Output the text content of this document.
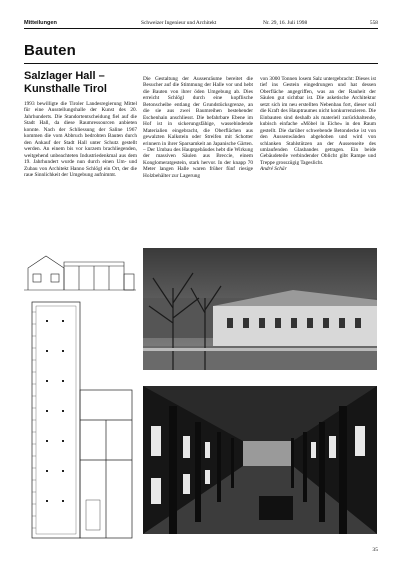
Mitteilungen	Schweizer Ingenieur und Architekt	Nr. 29, 16. Juli 1998	558
Bauten
Salzlager Hall – Kunsthalle Tirol
1993 bewilligte die Tiroler Landesregierung Mittel für eine Ausstellungshalle der Kunst des 20. Jahrhunderts. Die Standortentscheidung fiel auf die Stadt Hall, da diese Raumressourcen anbieten konnte. Nach der Schliessung der Saline 1967 kommen die vom Abbruch bedrohten Bauten durch den Ankauf der Stadt Hall unter Schutz gestellt werden. An einem bis vor kurzem brachliegenden, weitgehend unbeachteten Industriedenkmal aus dem 19. Jahrhundert wurde nun durch einen Um- und Zubau von Architekt Hanno Schlögl ein Ort, der die raue Sinnlichkeit der Umgebung aufnimmt.
Die Gestaltung der Aussenräume bereitet die Besucher auf die Stimmung der Halle vor und hebt die Bauten von ihrer öden Umgebung ab. Dies erreicht Schlögl durch eine kopflische Betonscheibe entlang der Grundstücksgrenze, an die sie aus zwei Baumreihen bestehender Eschenhain anschliesst. Die befahrbare Ebene im Hof ist in sickerungsfähige, wassebindende Materialien eingebracht, die Oberflächen aus gewalzten Kalkstein oder Streifen mit Schotter erinnern in ihrer Sparsamkeit an Japanische Gärten. – Der Umbau des Hauptgebäudes hebt die Wirkung der massiven Säulen aus Breccie, einem Konglomeratgestein, stark hervor. In der knapp 70 Meter langen Halle waren früher fünf riesige Holzbehälter zur Lagerung
von 3000 Tonnen losem Salz untergebracht: Dieses ist tief ins Gestein eingedrungen und hat dessen Oberfläche angegriffen, was an der Rauheit der Säulen gut sichtbar ist. Die asketische Architektur setzt sich im neu erstellten Nebenbau fort, dieser soll die Kraft des Hauptraumes nicht konkurrenzieren. Die Einbauten sind deshalb als materiell zurückhaltende, kubisch einfache «Möbel in Eiche» in den Raum gestellt. Die darüber schwebende Betondecke ist von den Aussenwänden abgehoben und wird von schlanken Stahlstützen an der Aussenseite des umlaufenden Glasbandes getragen. Ein beide Gebäudeteile verbindender Oblicht gibt Rampe und Treppe grosszügig Tageslicht.
André Schär
35
